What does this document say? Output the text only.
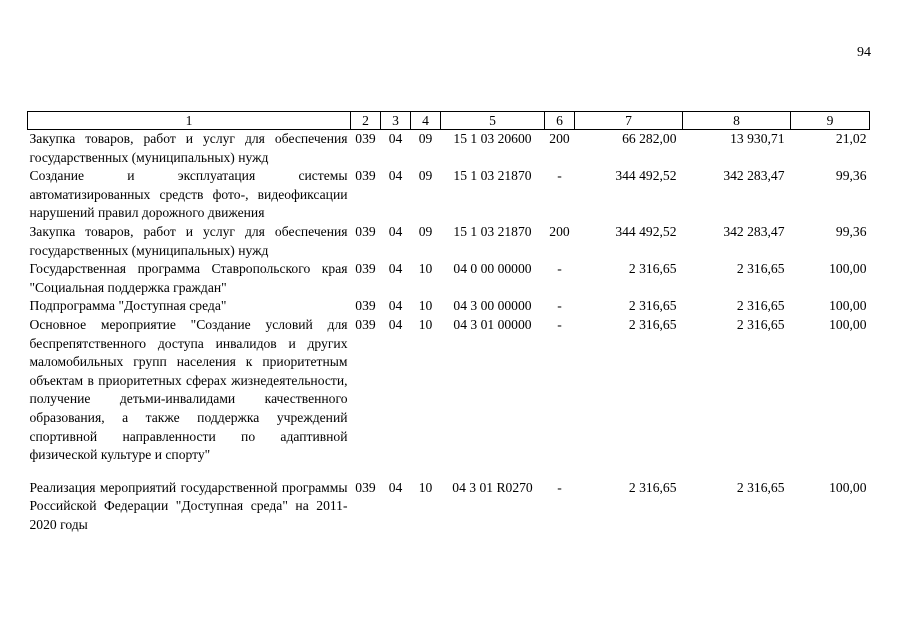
94
1	2	3	4	5	6	7	8	9
Закупка товаров, работ и услуг для обеспечения государственных (муниципальных) нужд	039	04	09	15 1 03 20600	200	66 282,00	13 930,71	21,02
Создание и эксплуатация системы автоматизированных средств фото-, видеофиксации нарушений правил дорожного движения	039	04	09	15 1 03 21870	-	344 492,52	342 283,47	99,36
Закупка товаров, работ и услуг для обеспечения государственных (муниципальных) нужд	039	04	09	15 1 03 21870	200	344 492,52	342 283,47	99,36
Государственная программа Ставропольского края "Социальная поддержка граждан"	039	04	10	04 0 00 00000	-	2 316,65	2 316,65	100,00
Подпрограмма "Доступная среда"	039	04	10	04 3 00 00000	-	2 316,65	2 316,65	100,00
Основное мероприятие "Создание условий для беспрепятственного доступа инвалидов и других маломобильных групп населения к приоритетным объектам в приоритетных сферах жизнедеятельности, получение детьми-инвалидами качественного образования, а также поддержка учреждений спортивной направленности по адаптивной физической культуре и спорту"	039	04	10	04 3 01 00000	-	2 316,65	2 316,65	100,00
Реализация мероприятий государственной программы Российской Федерации "Доступная среда" на 2011-2020 годы	039	04	10	04 3 01 R0270	-	2 316,65	2 316,65	100,00
